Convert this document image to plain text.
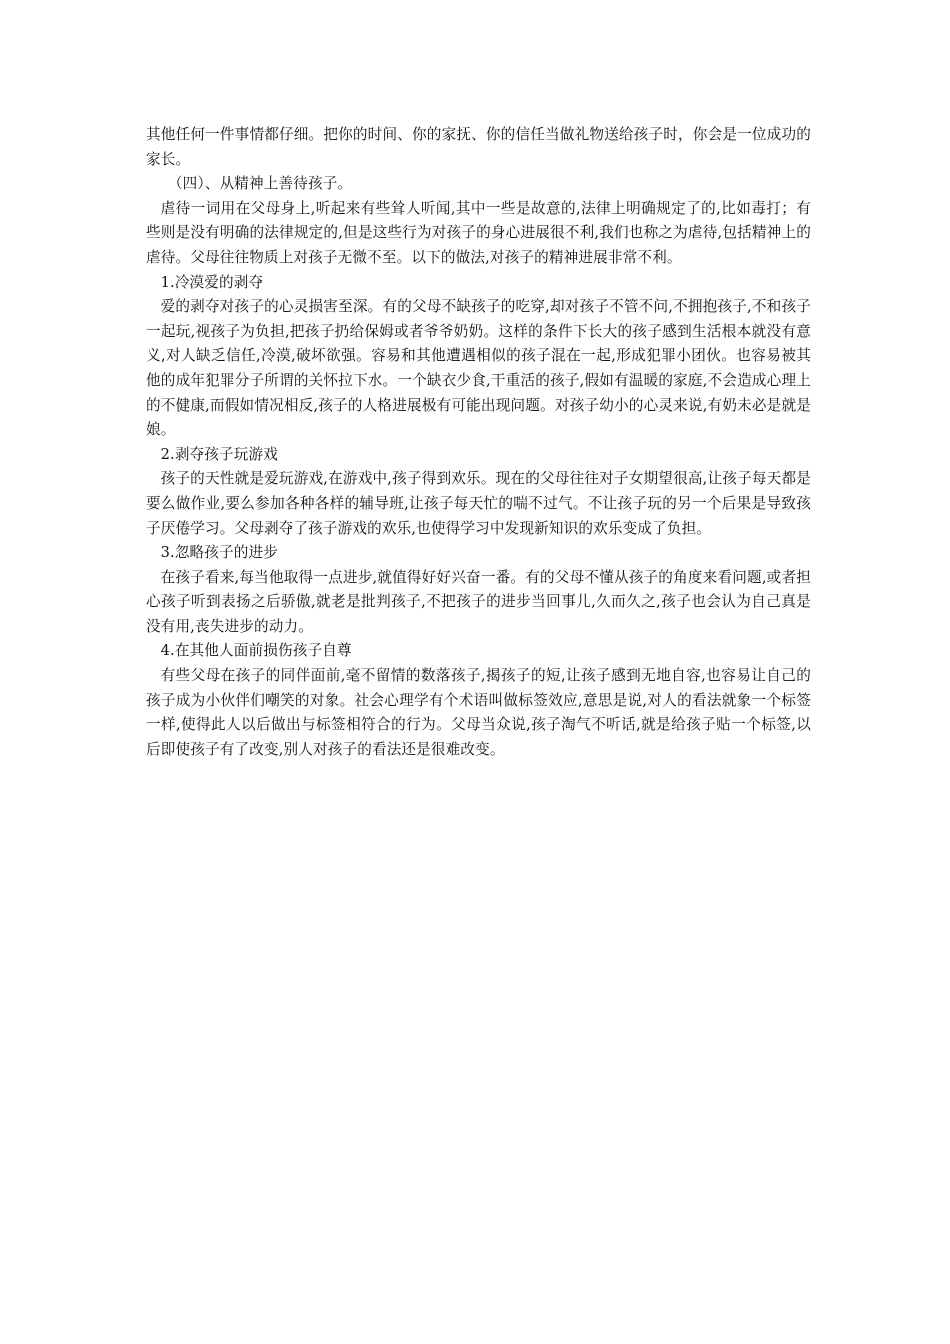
其他任何一件事情都仔细。把你的时间、你的家抚、你的信任当做礼物送给孩子时，你会是一位成功的家长。

（四）、从精神上善待孩子。

虐待一词用在父母身上,听起来有些耸人听闻,其中一些是故意的,法律上明确规定了的,比如毒打；有些则是没有明确的法律规定的,但是这些行为对孩子的身心进展很不利,我们也称之为虐待,包括精神上的虐待。父母往往物质上对孩子无微不至。以下的做法,对孩子的精神进展非常不利。

1.冷漠爱的剥夺

爱的剥夺对孩子的心灵损害至深。有的父母不缺孩子的吃穿,却对孩子不管不问,不拥抱孩子,不和孩子一起玩,视孩子为负担,把孩子扔给保姆或者爷爷奶奶。这样的条件下长大的孩子感到生活根本就没有意义,对人缺乏信任,冷漠,破坏欲强。容易和其他遭遇相似的孩子混在一起,形成犯罪小团伙。也容易被其他的成年犯罪分子所谓的关怀拉下水。一个缺衣少食,干重活的孩子,假如有温暖的家庭,不会造成心理上的不健康,而假如情况相反,孩子的人格进展极有可能出现问题。对孩子幼小的心灵来说,有奶未必是就是娘。

2.剥夺孩子玩游戏

孩子的天性就是爱玩游戏,在游戏中,孩子得到欢乐。现在的父母往往对子女期望很高,让孩子每天都是要么做作业,要么参加各种各样的辅导班,让孩子每天忙的喘不过气。不让孩子玩的另一个后果是导致孩子厌倦学习。父母剥夺了孩子游戏的欢乐,也使得学习中发现新知识的欢乐变成了负担。

3.忽略孩子的进步

在孩子看来,每当他取得一点进步,就值得好好兴奋一番。有的父母不懂从孩子的角度来看问题,或者担心孩子听到表扬之后骄傲,就老是批判孩子,不把孩子的进步当回事儿,久而久之,孩子也会认为自己真是没有用,丧失进步的动力。

4.在其他人面前损伤孩子自尊

有些父母在孩子的同伴面前,毫不留情的数落孩子,揭孩子的短,让孩子感到无地自容,也容易让自己的孩子成为小伙伴们嘲笑的对象。社会心理学有个术语叫做标签效应,意思是说,对人的看法就象一个标签一样,使得此人以后做出与标签相符合的行为。父母当众说,孩子淘气不听话,就是给孩子贴一个标签,以后即使孩子有了改变,别人对孩子的看法还是很难改变。
